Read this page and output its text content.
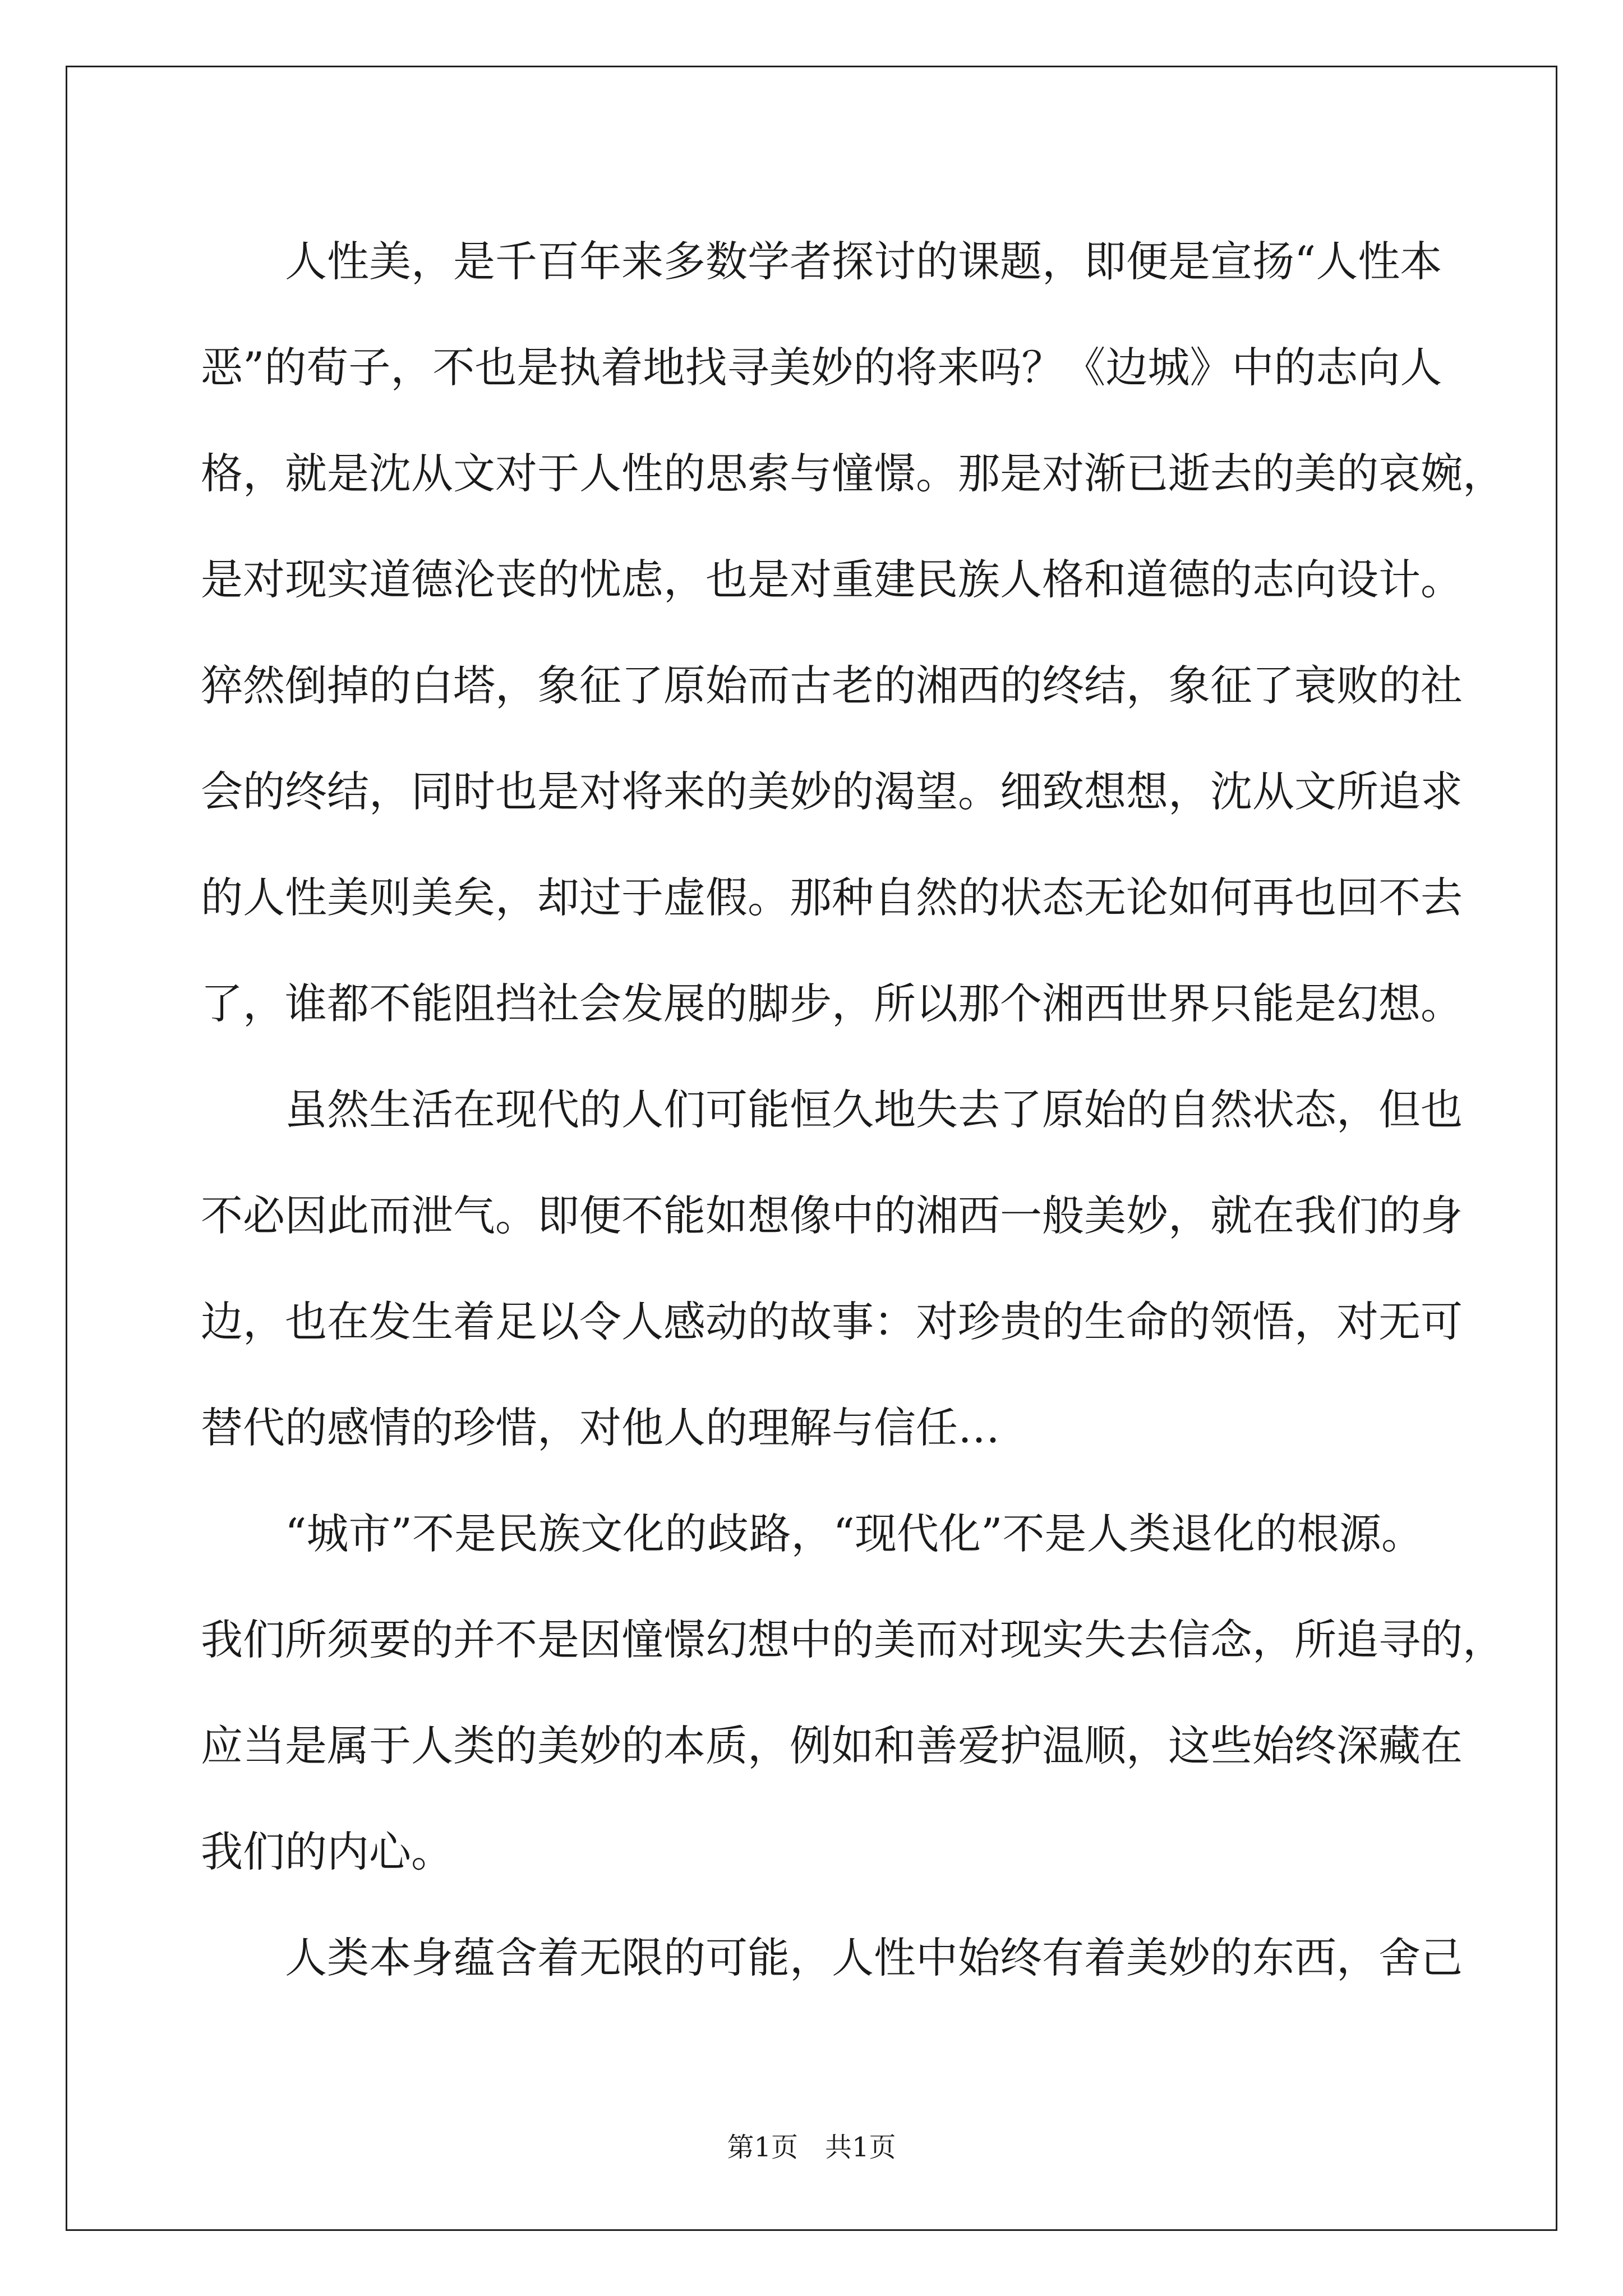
　　人性美，是千百年来多数学者探讨的课题，即便是宣扬“人性本
恶”的荀子，不也是执着地找寻美妙的将来吗？《边城》中的志向人
格，就是沈从文对于人性的思索与憧憬。那是对渐已逝去的美的哀婉，
是对现实道德沦丧的忧虑，也是对重建民族人格和道德的志向设计。
猝然倒掉的白塔，象征了原始而古老的湘西的终结，象征了衰败的社
会的终结，同时也是对将来的美妙的渴望。细致想想，沈从文所追求
的人性美则美矣，却过于虚假。那种自然的状态无论如何再也回不去
了，谁都不能阻挡社会发展的脚步，所以那个湘西世界只能是幻想。
　　虽然生活在现代的人们可能恒久地失去了原始的自然状态，但也
不必因此而泄气。即便不能如想像中的湘西一般美妙，就在我们的身
边，也在发生着足以令人感动的故事：对珍贵的生命的领悟，对无可
替代的感情的珍惜，对他人的理解与信任…
　　“城市”不是民族文化的歧路，“现代化”不是人类退化的根源。
我们所须要的并不是因憧憬幻想中的美而对现实失去信念，所追寻的，
应当是属于人类的美妙的本质，例如和善爱护温顺，这些始终深藏在
我们的内心。
　　人类本身蕴含着无限的可能，人性中始终有着美妙的东西，舍己
第1页　共1页
